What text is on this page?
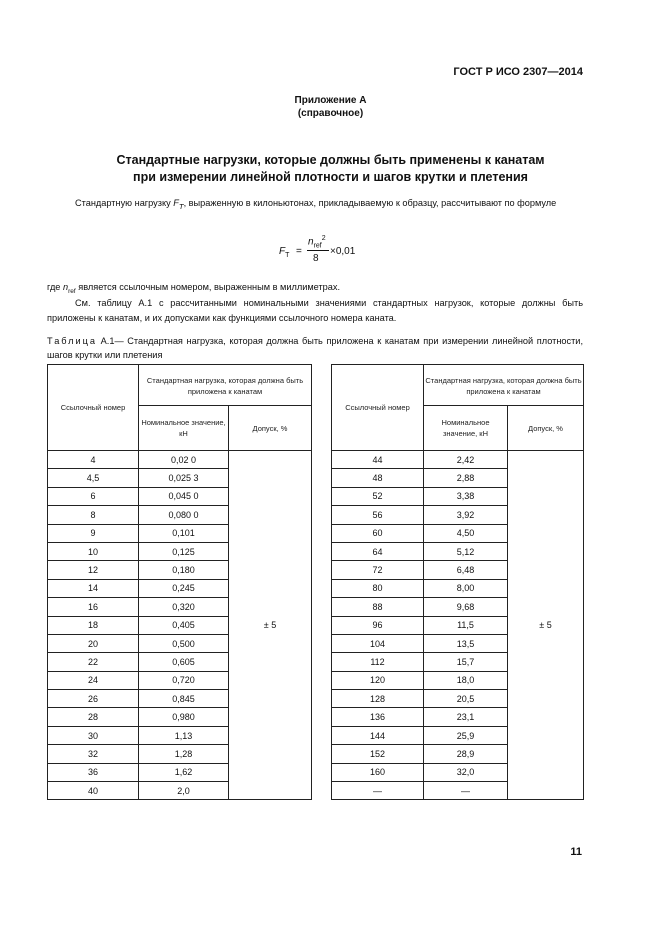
ГОСТ Р ИСО 2307—2014
Приложение А
(справочное)
Стандартные нагрузки, которые должны быть применены к канатам
при измерении линейной плотности и шагов крутки и плетения
Стандартную нагрузку $F_T$, выраженную в килоньютонах, прикладываемую к образцу, рассчитывают по формуле
$F_T$ =
$n_{ref}^2$
8
×0,01
где $n_{ref}$ является ссылочным номером, выраженным в миллиметрах.
См. таблицу А.1 с рассчитанными номинальными значениями стандартных нагрузок, которые должны быть приложены к канатам, и их допусками как функциями ссылочного номера каната.
Таблица А.1— Стандартная нагрузка, которая должна быть приложена к канатам при измерении линейной плотности, шагов крутки или плетения
Ссылочный номер	Стандартная нагрузка, которая должна быть приложена к канатам	
	Номинальное значение, кН	Допуск, %
4	0,02 0	± 5
4,5	0,025 3	
6	0,045 0	
8	0,080 0	
9	0,101	
10	0,125	
12	0,180	
14	0,245	
16	0,320	
18	0,405	
20	0,500	
22	0,605	
24	0,720	
26	0,845	
28	0,980	
30	1,13	
32	1,28	
36	1,62	
40	2,0	
Ссылочный номер	Стандартная нагрузка, которая должна быть приложена к канатам	
	Номинальное значение, кН	Допуск, %
44	2,42	± 5
48	2,88	
52	3,38	
56	3,92	
60	4,50	
64	5,12	
72	6,48	
80	8,00	
88	9,68	
96	11,5	
104	13,5	
112	15,7	
120	18,0	
128	20,5	
136	23,1	
144	25,9	
152	28,9	
160	32,0	
—	—	
11
